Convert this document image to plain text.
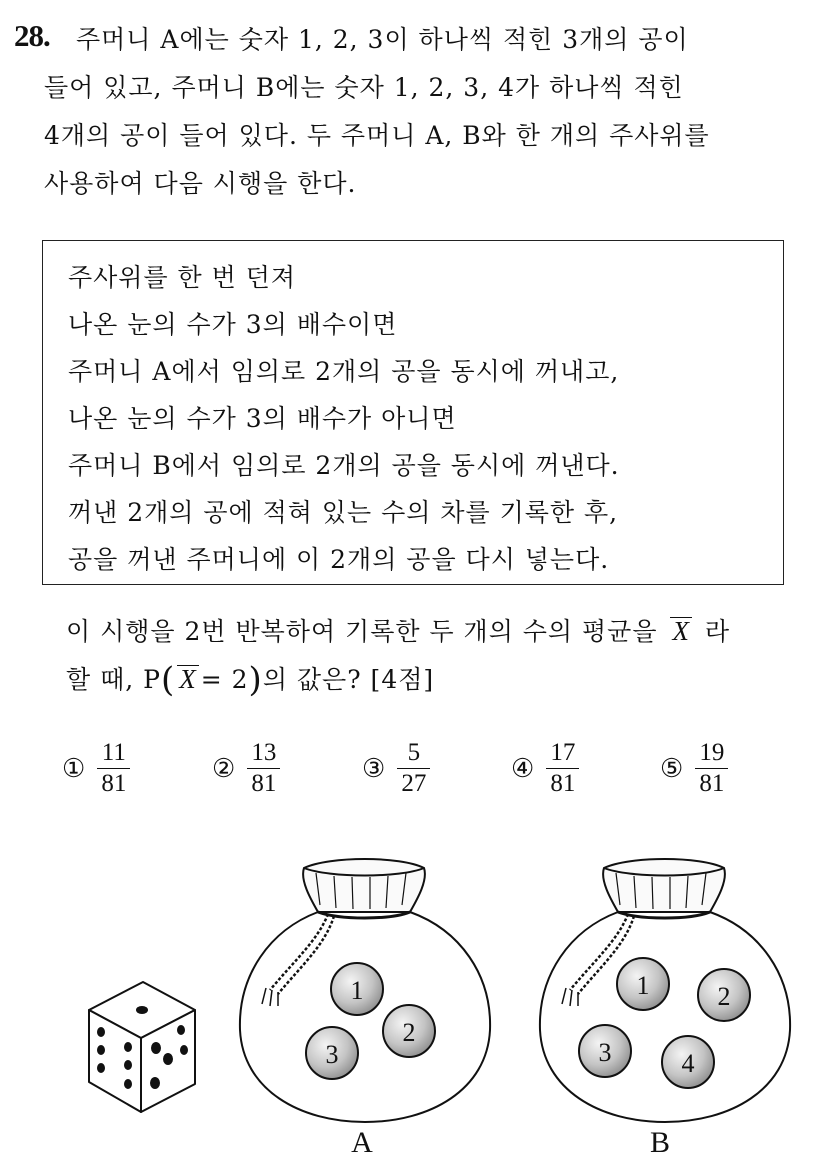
28. 주머니 A에는 숫자 1, 2, 3이 하나씩 적힌 3개의 공이
들어 있고, 주머니 B에는 숫자 1, 2, 3, 4가 하나씩 적힌
4개의 공이 들어 있다. 두 주머니 A, B와 한 개의 주사위를
사용하여 다음 시행을 한다.
주사위를 한 번 던져
나온 눈의 수가 3의 배수이면
주머니 A에서 임의로 2개의 공을 동시에 꺼내고,
나온 눈의 수가 3의 배수가 아니면
주머니 B에서 임의로 2개의 공을 동시에 꺼낸다.
꺼낸 2개의 공에 적혀 있는 수의 차를 기록한 후,
공을 꺼낸 주머니에 이 2개의 공을 다시 넣는다.
이 시행을 2번 반복하여 기록한 두 개의 수의 평균을 X 라
할 때, P( X = 2)의 값은? [4점]
① $\frac{11}{81}$	② $\frac{13}{81}$	③ $\frac{5}{27}$	④ $\frac{17}{81}$	⑤ $\frac{19}{81}$
1
2
3
A
1	2
3	4
B
